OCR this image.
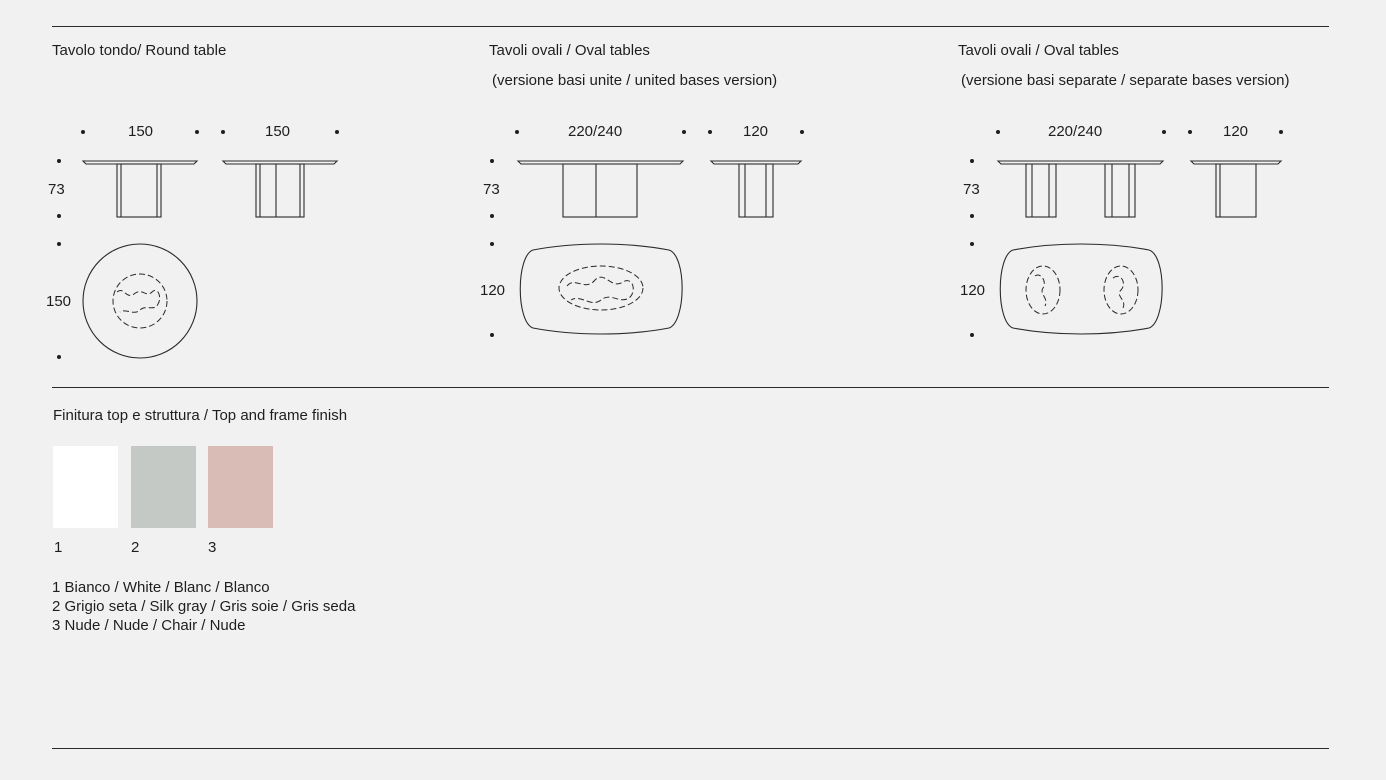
Tavolo tondo/ Round table
150	150
73
150
Tavoli ovali / Oval tables
(versione basi unite / united bases version)
220/240	120
73
120
Tavoli ovali / Oval tables
(versione basi separate / separate bases version)
220/240	120
73
120
Finitura top e struttura / Top and frame finish
1	2	3
1 Bianco / White / Blanc / Blanco
2 Grigio seta / Silk gray / Gris soie / Gris seda
3 Nude / Nude / Chair / Nude
